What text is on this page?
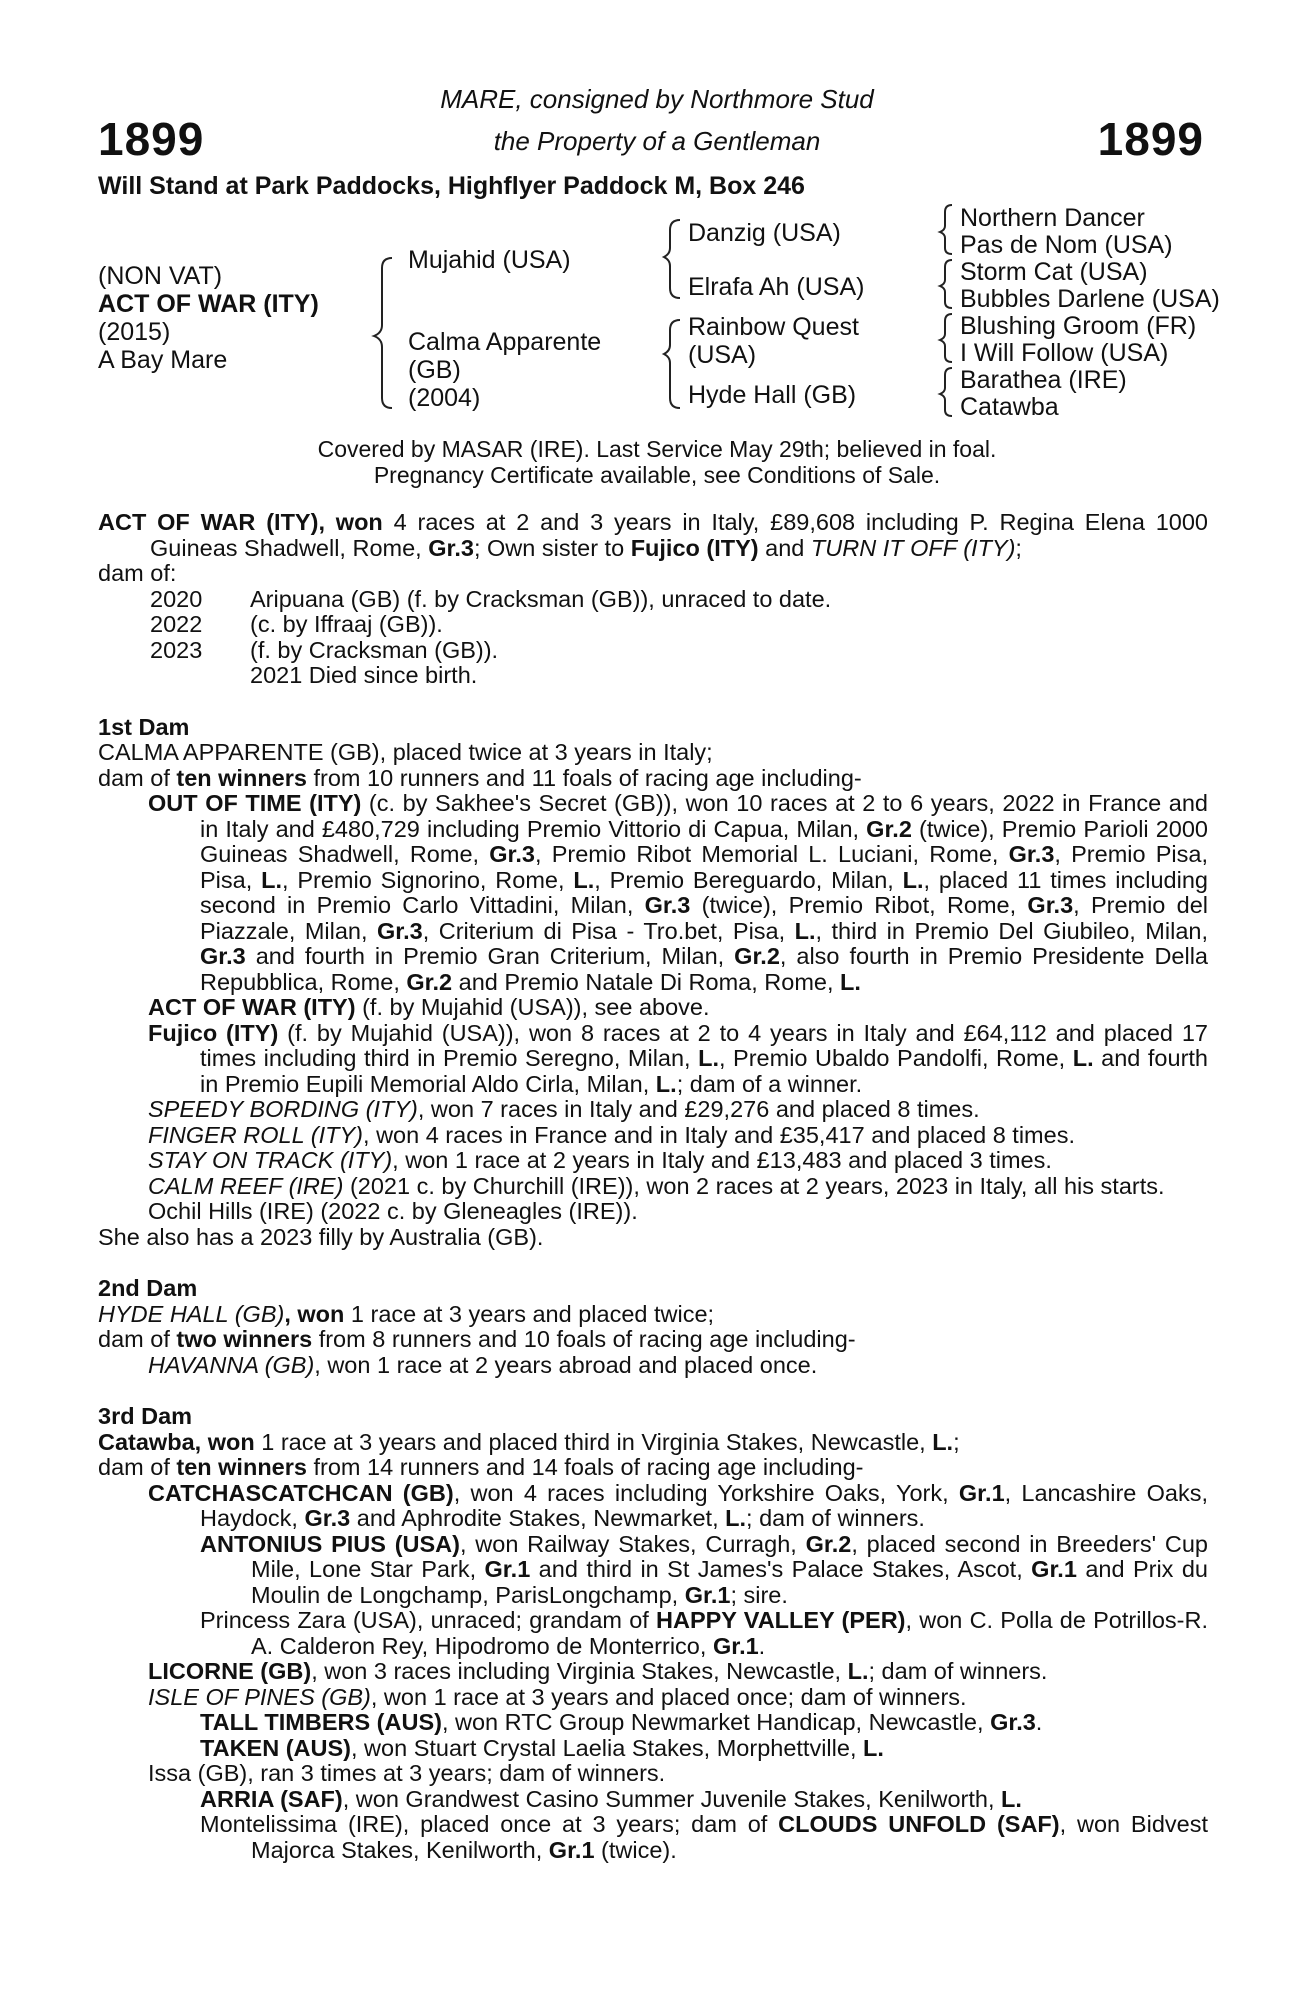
1899	1899
MARE, consigned by Northmore Stud
the Property of a Gentleman
Will Stand at Park Paddocks, Highflyer Paddock M, Box 246
(NON VAT)
ACT OF WAR (ITY)
(2015)
A Bay Mare
Mujahid (USA)
Calma Apparente
(GB)
(2004)
Danzig (USA)
Elrafa Ah (USA)
Rainbow Quest
(USA)
Hyde Hall (GB)
Northern Dancer
Pas de Nom (USA)
Storm Cat (USA)
Bubbles Darlene (USA)
Blushing Groom (FR)
I Will Follow (USA)
Barathea (IRE)
Catawba
Covered by MASAR (IRE). Last Service May 29th; believed in foal.
Pregnancy Certificate available, see Conditions of Sale.

ACT OF WAR (ITY), won 4 races at 2 and 3 years in Italy, £89,608 including P. Regina Elena 1000 Guineas Shadwell, Rome, Gr.3; Own sister to Fujico (ITY) and TURN IT OFF (ITY);

dam of:

2020 Aripuana (GB) (f. by Cracksman (GB)), unraced to date.

2022 (c. by Iffraaj (GB)).

2023 (f. by Cracksman (GB)).

2021 Died since birth.

1st Dam

CALMA APPARENTE (GB), placed twice at 3 years in Italy;

dam of ten winners from 10 runners and 11 foals of racing age including-

OUT OF TIME (ITY) (c. by Sakhee's Secret (GB)), won 10 races at 2 to 6 years, 2022 in France and in Italy and £480,729 including Premio Vittorio di Capua, Milan, Gr.2 (twice), Premio Parioli 2000 Guineas Shadwell, Rome, Gr.3, Premio Ribot Memorial L. Luciani, Rome, Gr.3, Premio Pisa, Pisa, L., Premio Signorino, Rome, L., Premio Bereguardo, Milan, L., placed 11 times including second in Premio Carlo Vittadini, Milan, Gr.3 (twice), Premio Ribot, Rome, Gr.3, Premio del Piazzale, Milan, Gr.3, Criterium di Pisa - Tro.bet, Pisa, L., third in Premio Del Giubileo, Milan, Gr.3 and fourth in Premio Gran Criterium, Milan, Gr.2, also fourth in Premio Presidente Della Repubblica, Rome, Gr.2 and Premio Natale Di Roma, Rome, L.

ACT OF WAR (ITY) (f. by Mujahid (USA)), see above.

Fujico (ITY) (f. by Mujahid (USA)), won 8 races at 2 to 4 years in Italy and £64,112 and placed 17 times including third in Premio Seregno, Milan, L., Premio Ubaldo Pandolfi, Rome, L. and fourth in Premio Eupili Memorial Aldo Cirla, Milan, L.; dam of a winner.

SPEEDY BORDING (ITY), won 7 races in Italy and £29,276 and placed 8 times.

FINGER ROLL (ITY), won 4 races in France and in Italy and £35,417 and placed 8 times.

STAY ON TRACK (ITY), won 1 race at 2 years in Italy and £13,483 and placed 3 times.

CALM REEF (IRE) (2021 c. by Churchill (IRE)), won 2 races at 2 years, 2023 in Italy, all his starts.

Ochil Hills (IRE) (2022 c. by Gleneagles (IRE)).

She also has a 2023 filly by Australia (GB).

2nd Dam

HYDE HALL (GB), won 1 race at 3 years and placed twice;

dam of two winners from 8 runners and 10 foals of racing age including-

HAVANNA (GB), won 1 race at 2 years abroad and placed once.

3rd Dam

Catawba, won 1 race at 3 years and placed third in Virginia Stakes, Newcastle, L.;

dam of ten winners from 14 runners and 14 foals of racing age including-

CATCHASCATCHCAN (GB), won 4 races including Yorkshire Oaks, York, Gr.1, Lancashire Oaks, Haydock, Gr.3 and Aphrodite Stakes, Newmarket, L.; dam of winners.

ANTONIUS PIUS (USA), won Railway Stakes, Curragh, Gr.2, placed second in Breeders' Cup Mile, Lone Star Park, Gr.1 and third in St James's Palace Stakes, Ascot, Gr.1 and Prix du Moulin de Longchamp, ParisLongchamp, Gr.1; sire.

Princess Zara (USA), unraced; grandam of HAPPY VALLEY (PER), won C. Polla de Potrillos-R. A. Calderon Rey, Hipodromo de Monterrico, Gr.1.

LICORNE (GB), won 3 races including Virginia Stakes, Newcastle, L.; dam of winners.

ISLE OF PINES (GB), won 1 race at 3 years and placed once; dam of winners.

TALL TIMBERS (AUS), won RTC Group Newmarket Handicap, Newcastle, Gr.3.

TAKEN (AUS), won Stuart Crystal Laelia Stakes, Morphettville, L.

Issa (GB), ran 3 times at 3 years; dam of winners.

ARRIA (SAF), won Grandwest Casino Summer Juvenile Stakes, Kenilworth, L.

Montelissima (IRE), placed once at 3 years; dam of CLOUDS UNFOLD (SAF), won Bidvest Majorca Stakes, Kenilworth, Gr.1 (twice).
